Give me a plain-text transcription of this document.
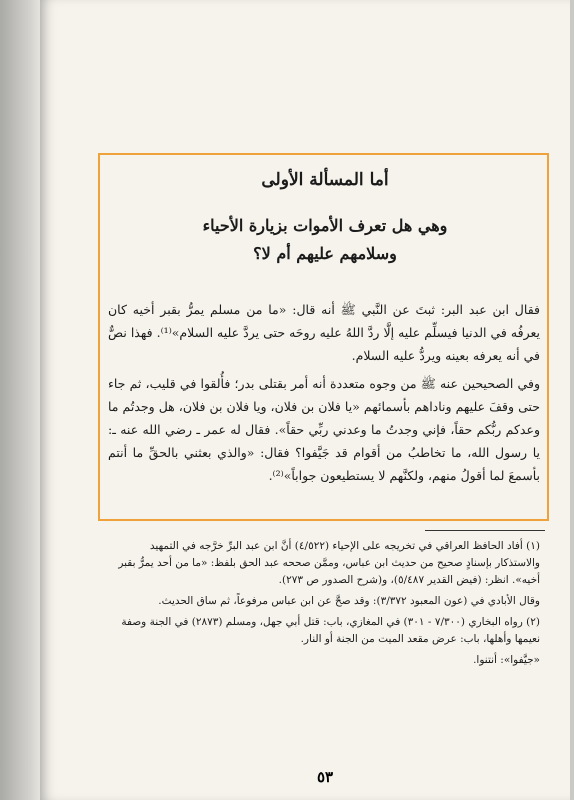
أما المسألة الأولى
وهي هل تعرف الأموات بزيارة الأحياء
وسلامهم عليهم أم لا؟
فقال ابن عبد البر: ثبتَ عن النَّبي ﷺ أنه قال: «ما من مسلم يمرُّ بقبر أخيه كان يعرفُه في الدنيا فيسلِّم عليه إلَّا ردَّ اللهُ عليه روحَه حتى يردَّ عليه السلام»⁽¹⁾. فهذا نصٌّ في أنه يعرفه بعينه ويردُّ عليه السلام.
وفي الصحيحين عنه ﷺ من وجوه متعددة أنه أمر بقتلى بدر؛ فأُلقوا في قليب، ثم جاء حتى وقفَ عليهم وناداهم بأسمائهم «يا فلان بن فلان، ويا فلان بن فلان، هل وجدتُم ما وعدكم ربُّكم حقاً، فإني وجدتُ ما وعدني ربِّي حقاً». فقال له عمر ـ رضي الله عنه ـ: يا رسول الله، ما تخاطبُ من أقوام قد جَيَّفوا؟ فقال: «والذي بعثني بالحقِّ ما أنتم بأسمعَ لما أقولُ منهم، ولكنَّهم لا يستطيعون جواباً»⁽²⁾.

(١) أفاد الحافظ العراقي في تخريجه على الإحياء (٤/٥٢٢) أنَّ ابن عبد البرِّ خرَّجه في التمهيد والاستذكار بإسنادٍ صحيح من حديث ابن عباس، وممَّن صححه عبد الحق بلفظ: «ما من أحد يمرُّ بقبر أخيه». انظر: (فيض القدير ٥/٤٨٧)، و(شرح الصدور ص ٢٧٣).

وقال الأبادي في (عون المعبود ٣/٣٧٢): وقد صحَّ عن ابن عباس مرفوعاً، ثم ساق الحديث.

(٢) رواه البخاري (٧/٣٠٠ - ٣٠١) في المغازي، باب: قتل أبي جهل، ومسلم (٢٨٧٣) في الجنة وصفة نعيمها وأهلها، باب: عرض مقعد الميت من الجنة أو النار.

«جيَّفوا»: أنتنوا.

٥٣
